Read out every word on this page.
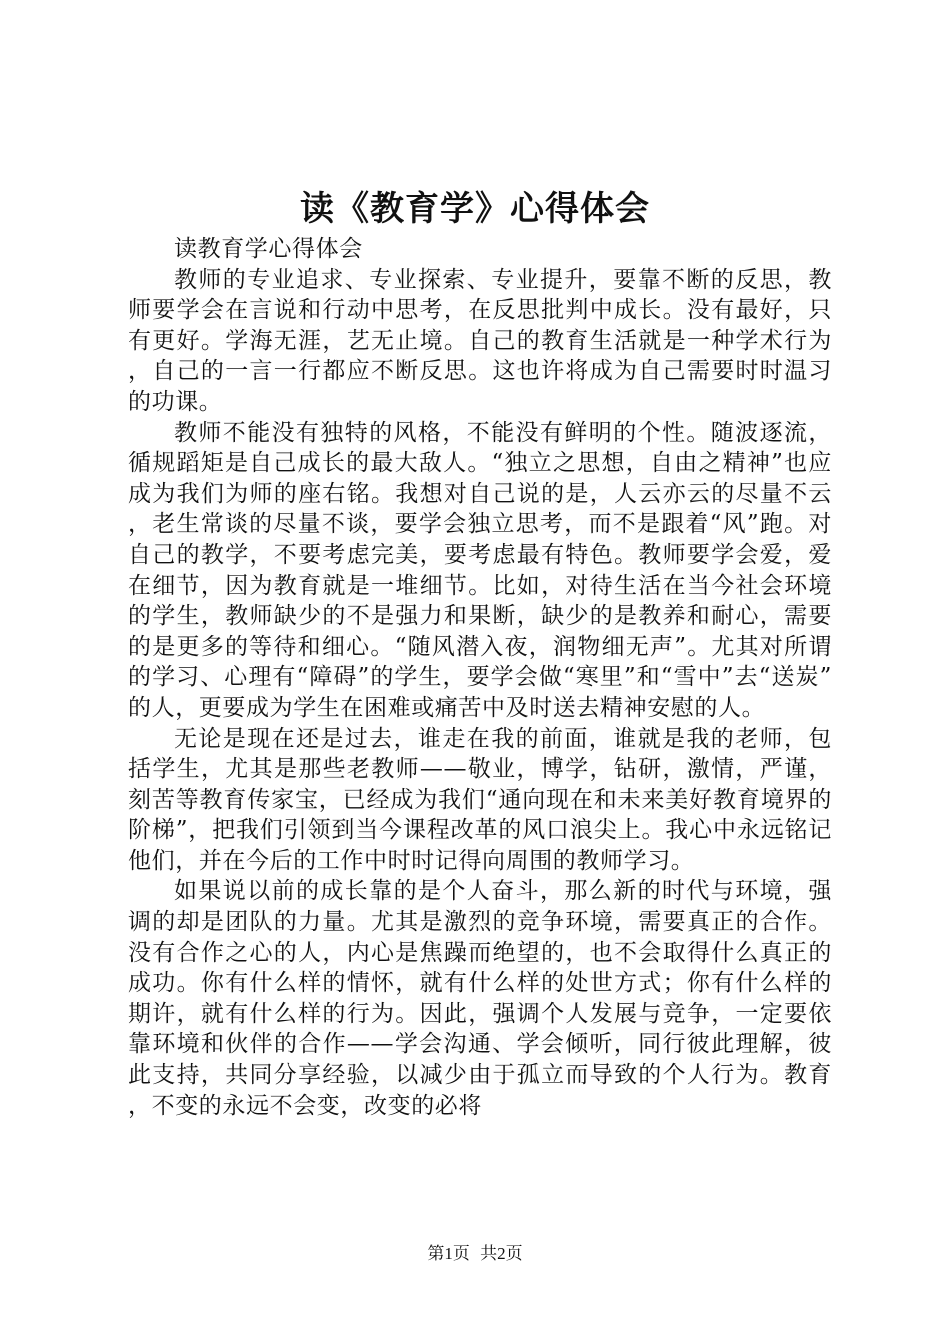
读《教育学》心得体会

读教育学心得体会

教师的专业追求、专业探索、专业提升，要靠不断的反思，教师要学会在言说和行动中思考，在反思批判中成长。没有最好，只有更好。学海无涯，艺无止境。自己的教育生活就是一种学术行为，自己的一言一行都应不断反思。这也许将成为自己需要时时温习的功课。

教师不能没有独特的风格，不能没有鲜明的个性。随波逐流，循规蹈矩是自己成长的最大敌人。“独立之思想，自由之精神”也应成为我们为师的座右铭。我想对自己说的是，人云亦云的尽量不云，老生常谈的尽量不谈，要学会独立思考，而不是跟着“风”跑。对自己的教学，不要考虑完美，要考虑最有特色。教师要学会爱，爱在细节，因为教育就是一堆细节。比如，对待生活在当今社会环境的学生，教师缺少的不是强力和果断，缺少的是教养和耐心，需要的是更多的等待和细心。“随风潜入夜，润物细无声”。尤其对所谓的学习、心理有“障碍”的学生，要学会做“寒里”和“雪中”去“送炭”的人，更要成为学生在困难或痛苦中及时送去精神安慰的人。

无论是现在还是过去，谁走在我的前面，谁就是我的老师，包括学生，尤其是那些老教师——敬业，博学，钻研，激情，严谨，刻苦等教育传家宝，已经成为我们“通向现在和未来美好教育境界的阶梯”，把我们引领到当今课程改革的风口浪尖上。我心中永远铭记他们，并在今后的工作中时时记得向周围的教师学习。

如果说以前的成长靠的是个人奋斗，那么新的时代与环境，强调的却是团队的力量。尤其是激烈的竞争环境，需要真正的合作。没有合作之心的人，内心是焦躁而绝望的，也不会取得什么真正的成功。你有什么样的情怀，就有什么样的处世方式；你有什么样的期许，就有什么样的行为。因此，强调个人发展与竞争，一定要依靠环境和伙伴的合作——学会沟通、学会倾听，同行彼此理解，彼此支持，共同分享经验，以减少由于孤立而导致的个人行为。教育，不变的永远不会变，改变的必将

第1页 共2页
